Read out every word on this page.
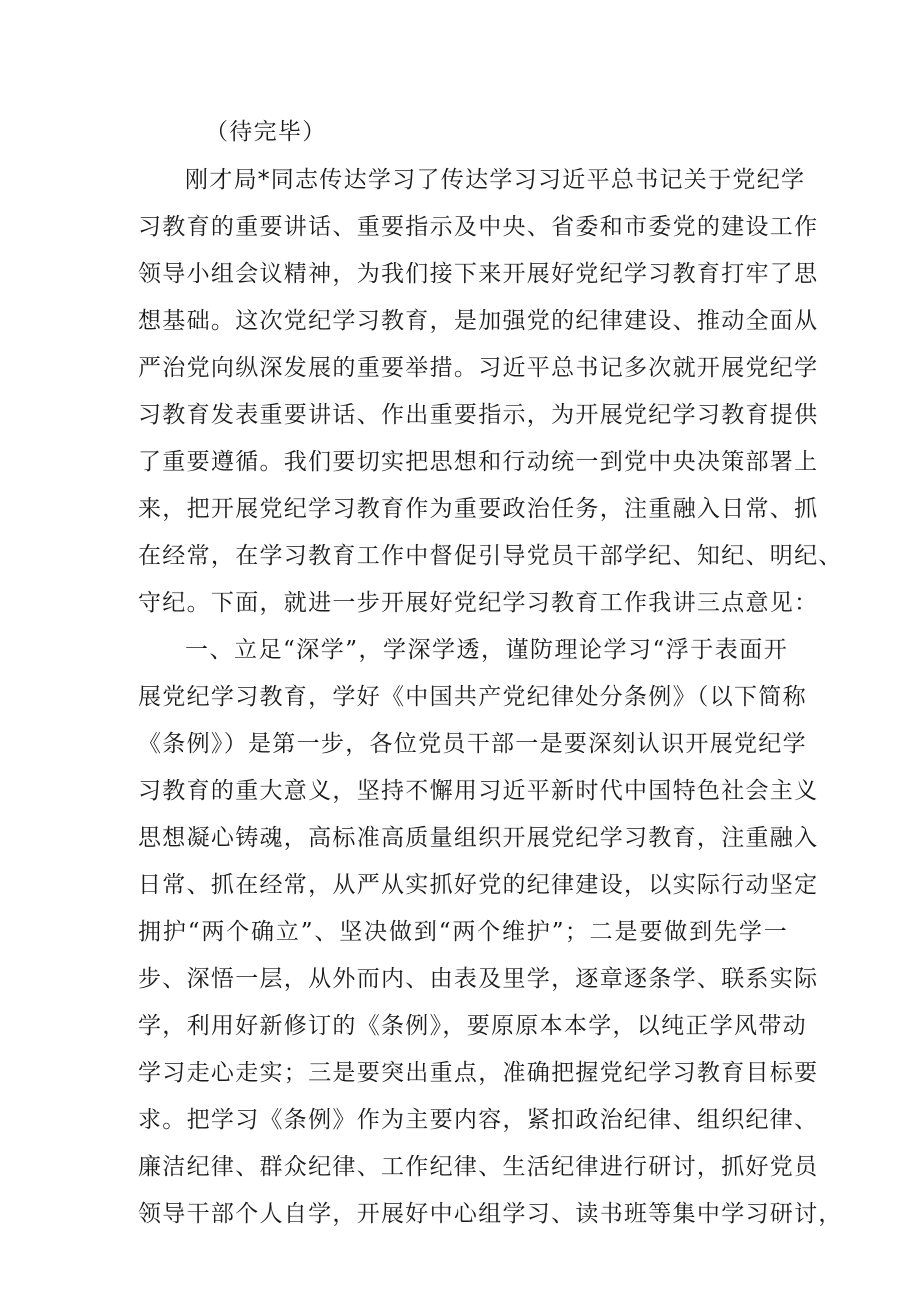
（待完毕）
刚才局*同志传达学习了传达学习习近平总书记关于党纪学
习教育的重要讲话、重要指示及中央、省委和市委党的建设工作
领导小组会议精神，为我们接下来开展好党纪学习教育打牢了思
想基础。这次党纪学习教育，是加强党的纪律建设、推动全面从
严治党向纵深发展的重要举措。习近平总书记多次就开展党纪学
习教育发表重要讲话、作出重要指示，为开展党纪学习教育提供
了重要遵循。我们要切实把思想和行动统一到党中央决策部署上
来，把开展党纪学习教育作为重要政治任务，注重融入日常、抓
在经常，在学习教育工作中督促引导党员干部学纪、知纪、明纪、
守纪。下面，就进一步开展好党纪学习教育工作我讲三点意见：
一、立足“深学”，学深学透，谨防理论学习“浮于表面开
展党纪学习教育，学好《中国共产党纪律处分条例》（以下简称
《条例》）是第一步，各位党员干部一是要深刻认识开展党纪学
习教育的重大意义，坚持不懈用习近平新时代中国特色社会主义
思想凝心铸魂，高标准高质量组织开展党纪学习教育，注重融入
日常、抓在经常，从严从实抓好党的纪律建设，以实际行动坚定
拥护“两个确立”、坚决做到“两个维护”；二是要做到先学一
步、深悟一层，从外而内、由表及里学，逐章逐条学、联系实际
学，利用好新修订的《条例》，要原原本本学，以纯正学风带动
学习走心走实；三是要突出重点，准确把握党纪学习教育目标要
求。把学习《条例》作为主要内容，紧扣政治纪律、组织纪律、
廉洁纪律、群众纪律、工作纪律、生活纪律进行研讨，抓好党员
领导干部个人自学，开展好中心组学习、读书班等集中学习研讨，
